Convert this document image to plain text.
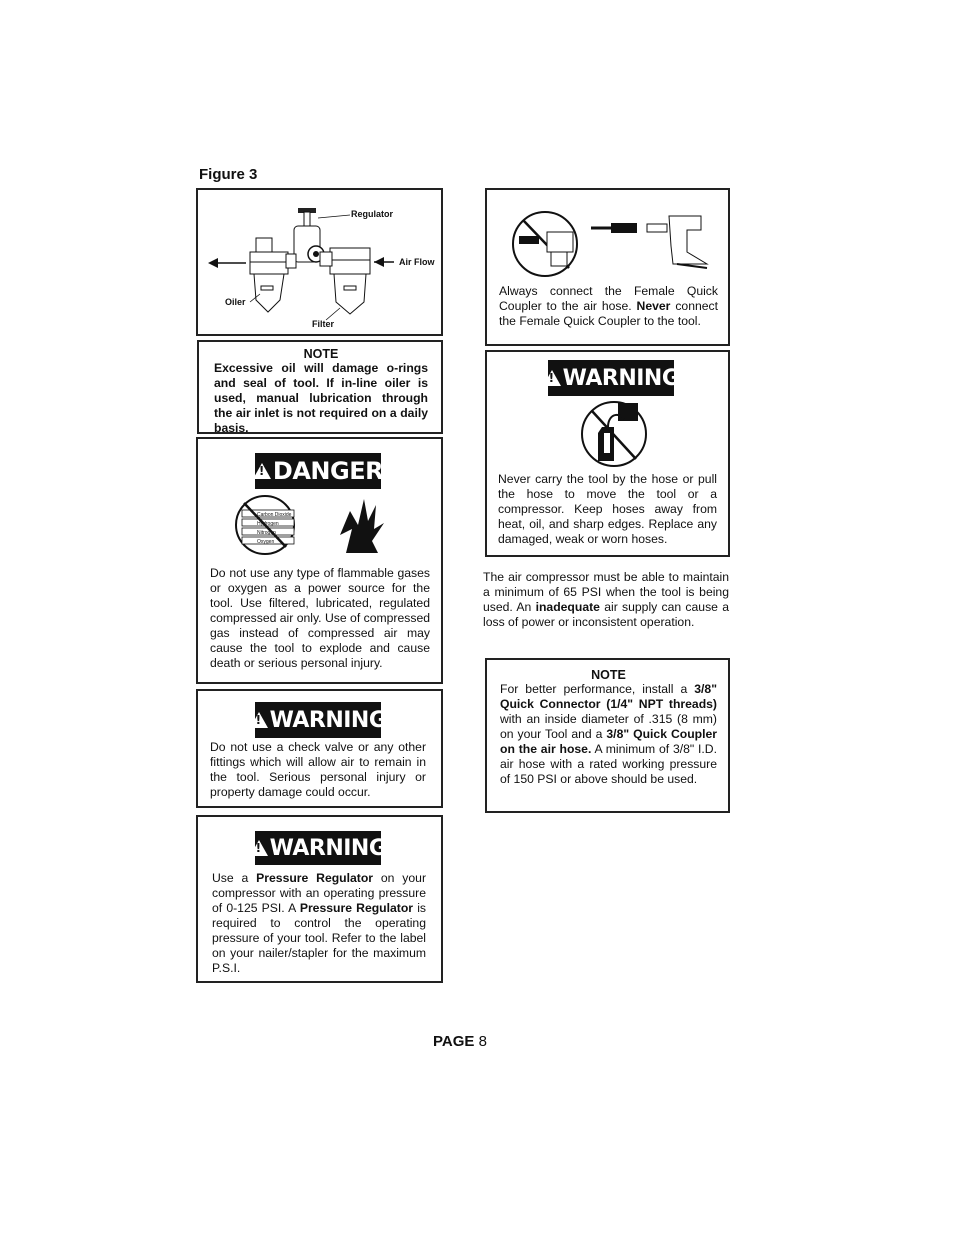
Figure 3
Regulator
Air Flow
Oiler
Filter
NOTE
Excessive oil will damage o-rings and seal of tool. If in-line oiler is used, manual lubrication through the air inlet is not required on a daily basis.
!
DANGER
Carbon Dioxide
Hydrogen
Nitrogen
Oxygen
Do not use any type of flammable gases or oxygen as a power source for the tool. Use filtered, lubricated, regulated compressed air only. Use of compressed gas instead of compressed air may cause the tool to explode and cause death or serious personal injury.
!
WARNING
Do not use a check valve or any other fittings which will allow air to remain in the tool. Serious personal injury or property damage could occur.
!
WARNING
Use a Pressure Regulator on your compressor with an operating pressure of 0-125 PSI. A Pressure Regulator is required to control the operating pressure of your tool. Refer to the label on your nailer/stapler for the maximum P.S.I.
Always connect the Female Quick Coupler to the air hose. Never connect the Female Quick Coupler to the tool.
!
WARNING
Never carry the tool by the hose or pull the hose to move the tool or a compressor. Keep hoses away from heat, oil, and sharp edges. Replace any damaged, weak or worn hoses.
The air compressor must be able to maintain a minimum of 65 PSI when the tool is being used. An inadequate air supply can cause a loss of power or inconsistent operation.
NOTE
For better performance, install a 3/8" Quick Connector (1/4" NPT threads) with an inside diameter of .315 (8 mm) on your Tool and a 3/8" Quick Coupler on the air hose. A minimum of 3/8" I.D. air hose with a rated working pressure of 150 PSI or above should be used.
PAGE 8
